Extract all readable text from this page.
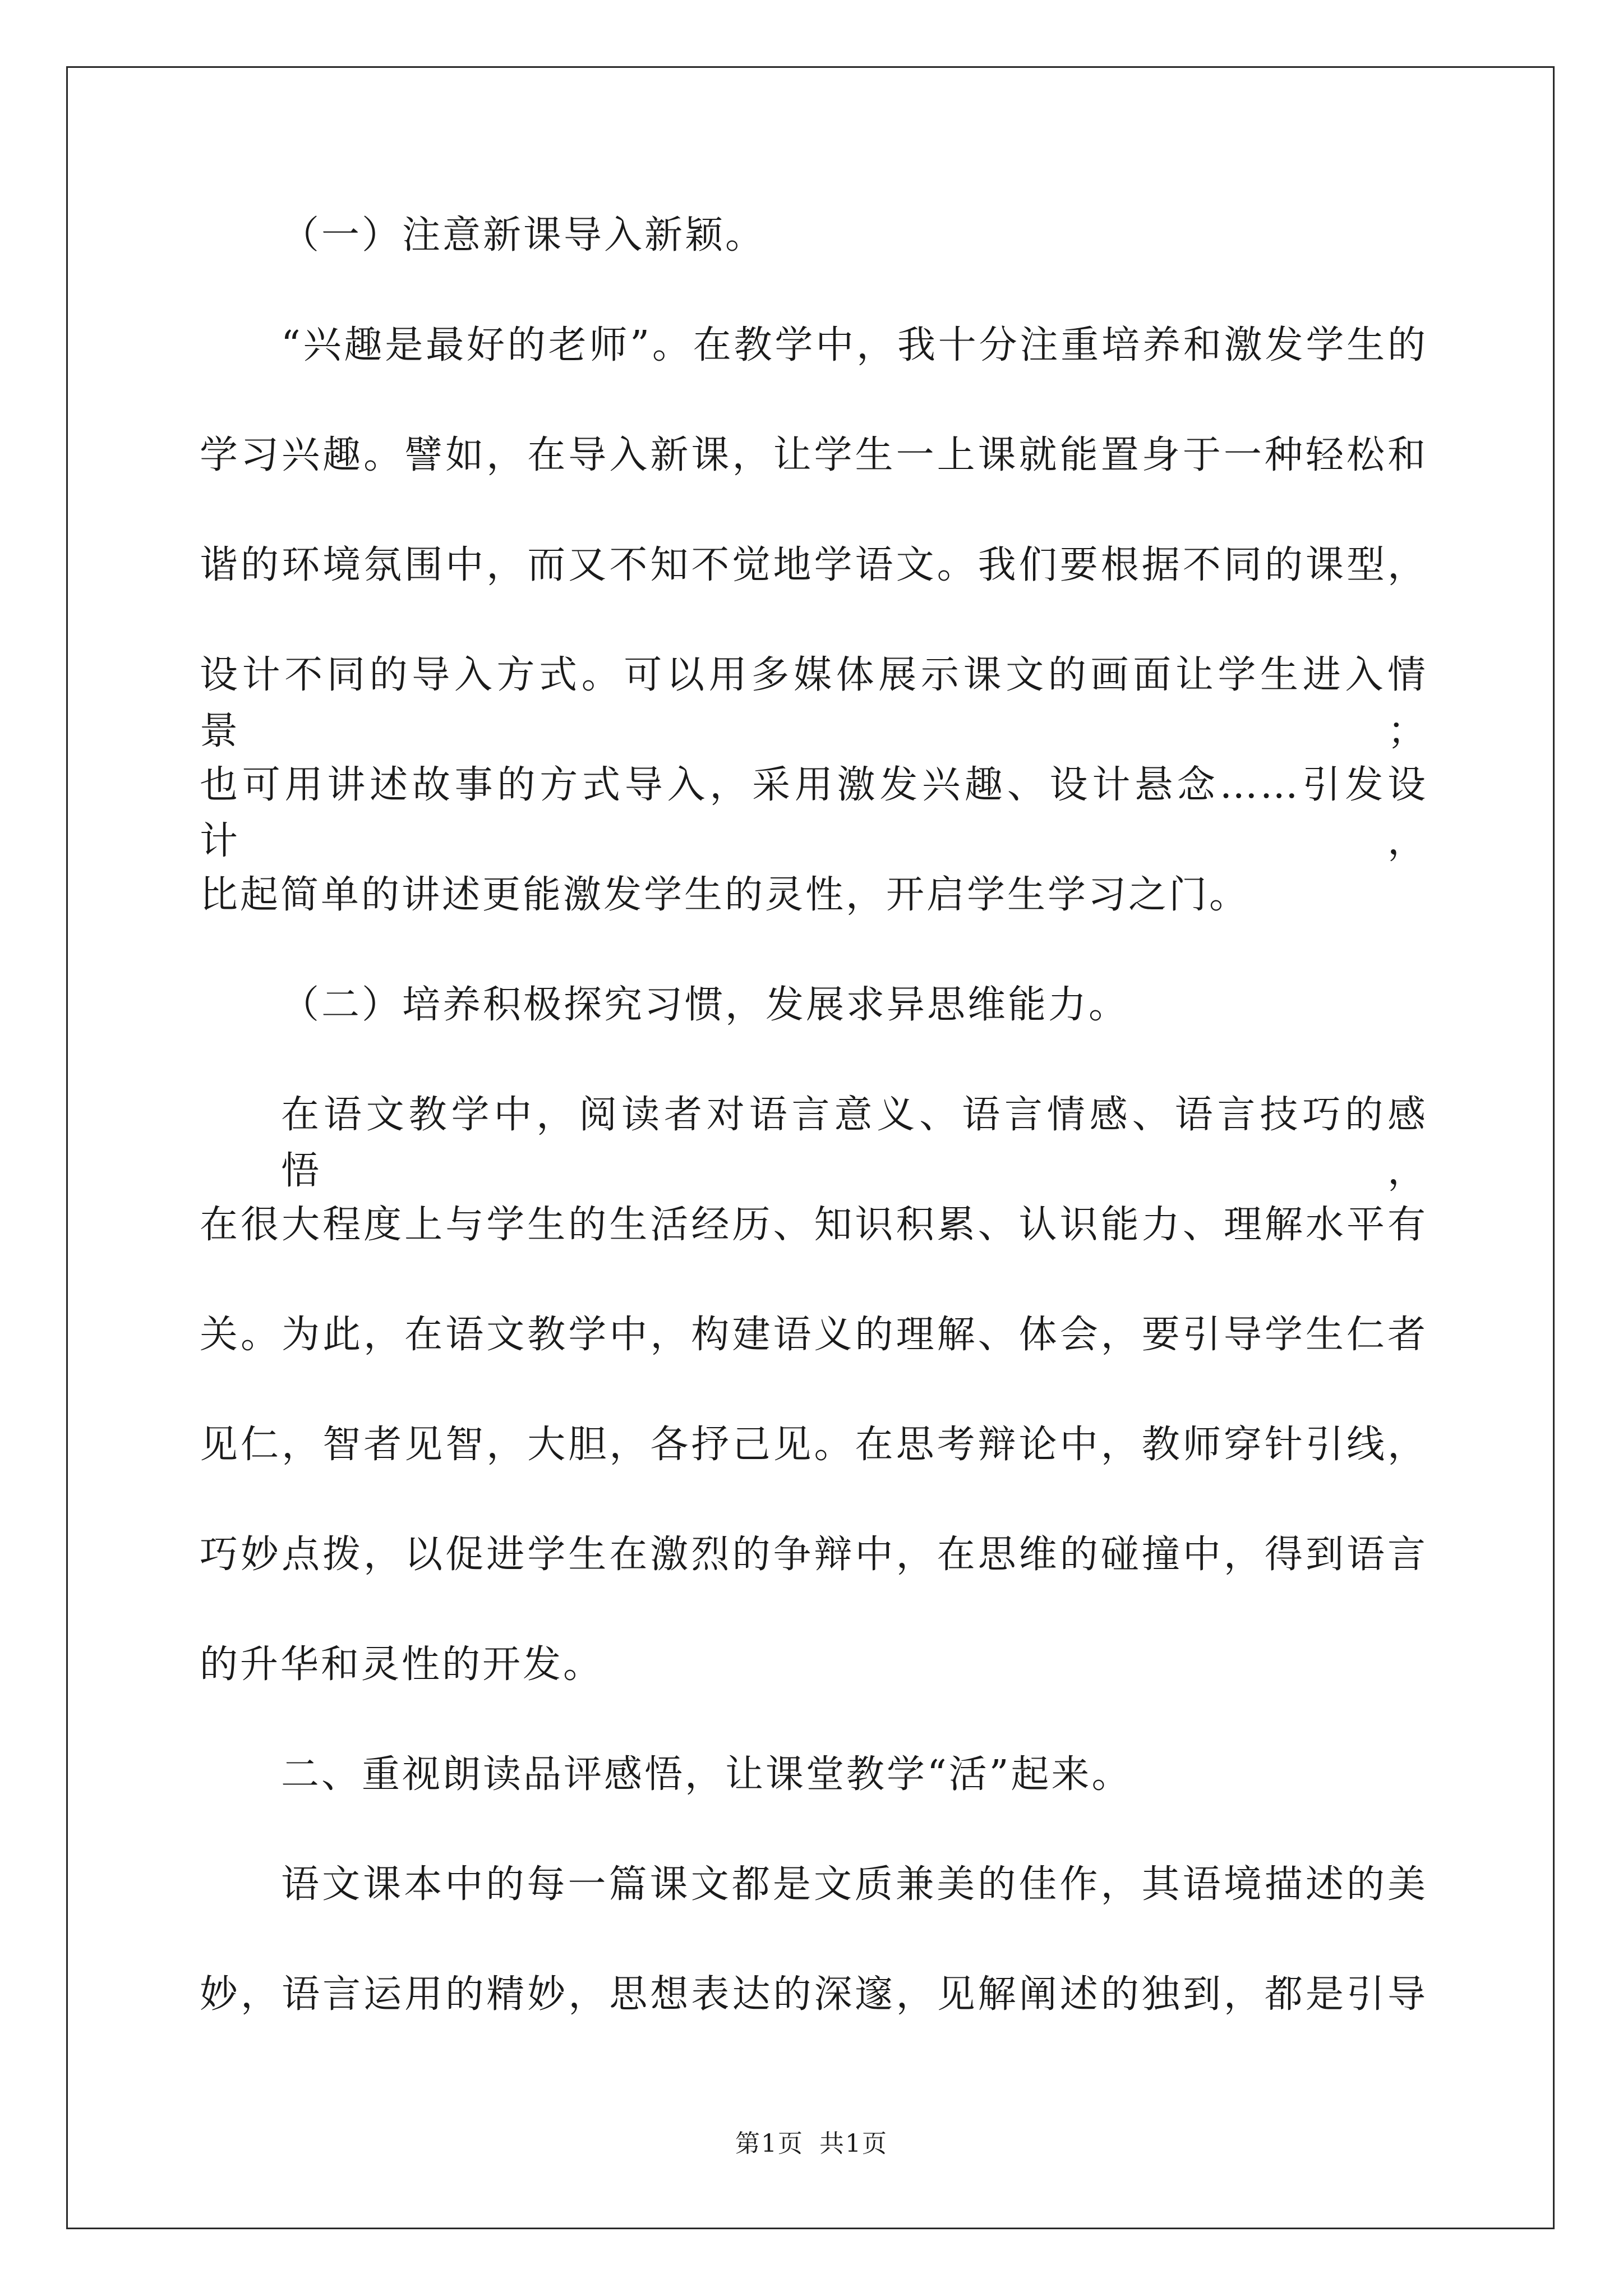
（一）注意新课导入新颖。
“兴趣是最好的老师”。在教学中，我十分注重培养和激发学生的
学习兴趣。譬如，在导入新课，让学生一上课就能置身于一种轻松和
谐的环境氛围中，而又不知不觉地学语文。我们要根据不同的课型，
设计不同的导入方式。可以用多媒体展示课文的画面让学生进入情景；
也可用讲述故事的方式导入，采用激发兴趣、设计悬念……引发设计，
比起简单的讲述更能激发学生的灵性，开启学生学习之门。
（二）培养积极探究习惯，发展求异思维能力。
在语文教学中，阅读者对语言意义、语言情感、语言技巧的感悟，
在很大程度上与学生的生活经历、知识积累、认识能力、理解水平有
关。为此，在语文教学中，构建语义的理解、体会，要引导学生仁者
见仁，智者见智，大胆，各抒己见。在思考辩论中，教师穿针引线，
巧妙点拨，以促进学生在激烈的争辩中，在思维的碰撞中，得到语言
的升华和灵性的开发。
二、重视朗读品评感悟，让课堂教学“活”起来。
语文课本中的每一篇课文都是文质兼美的佳作，其语境描述的美
妙，语言运用的精妙，思想表达的深邃，见解阐述的独到，都是引导
第1页 共1页
